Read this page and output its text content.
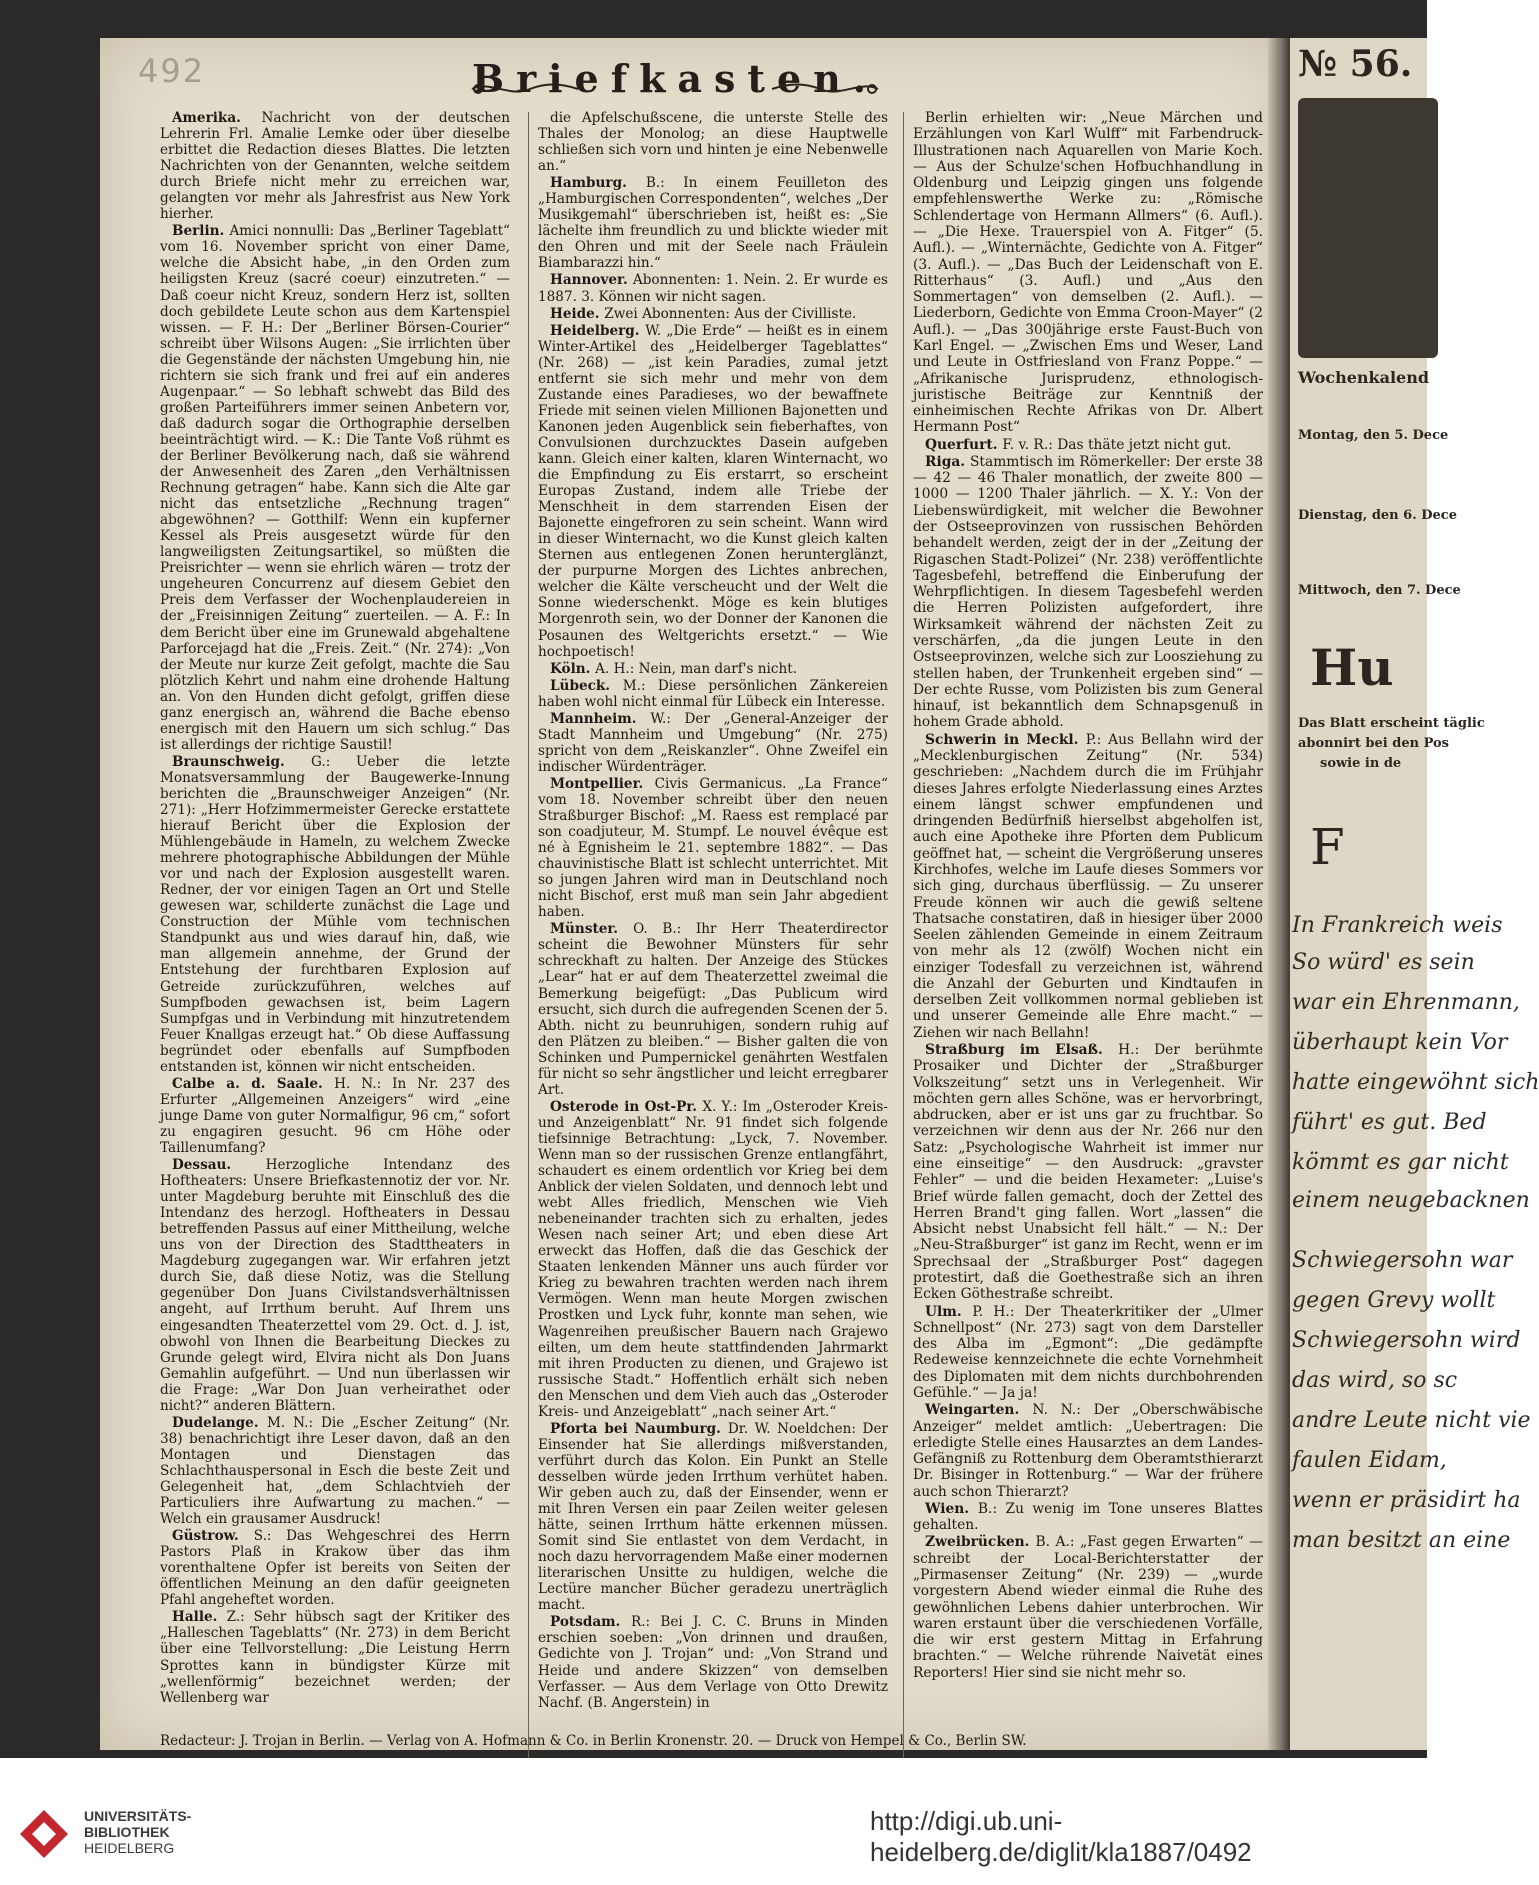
№ 56.
Wochenkalend
Montag, den 5. Dece
Dienstag, den 6. Dece
Mittwoch, den 7. Dece
Hu
Das Blatt erscheint täglic
abonnirt bei den Pos
sowie in de
F
In Frankreich weis
So würd' es sein
war ein Ehrenmann,
überhaupt kein Vor
hatte eingewöhnt sich
führt' es gut. Bed
kömmt es gar nicht
einem neugebacknen
Schwiegersohn war
gegen Grevy wollt
Schwiegersohn wird
das wird, so sc
andre Leute nicht vie
faulen Eidam,
wenn er präsidirt ha
man besitzt an eine
492	Briefkasten.

Amerika. Nachricht von der deutschen Lehrerin Frl. Amalie Lemke oder über dieselbe erbittet die Redaction dieses Blattes. Die letzten Nachrichten von der Genannten, welche seitdem durch Briefe nicht mehr zu erreichen war, gelangten vor mehr als Jahresfrist aus New York hierher.

Berlin. Amici nonnulli: Das „Berliner Tageblatt“ vom 16. November spricht von einer Dame, welche die Absicht habe, „in den Orden zum heiligsten Kreuz (sacré coeur) einzutreten.“ — Daß coeur nicht Kreuz, sondern Herz ist, sollten doch gebildete Leute schon aus dem Kartenspiel wissen. — F. H.: Der „Berliner Börsen-Courier“ schreibt über Wilsons Augen: „Sie irrlichten über die Gegenstände der nächsten Umgebung hin, nie richtern sie sich frank und frei auf ein anderes Augenpaar.“ — So lebhaft schwebt das Bild des großen Parteiführers immer seinen Anbetern vor, daß dadurch sogar die Orthographie derselben beeinträchtigt wird. — K.: Die Tante Voß rühmt es der Berliner Bevölkerung nach, daß sie während der Anwesenheit des Zaren „den Verhältnissen Rechnung getragen“ habe. Kann sich die Alte gar nicht das entsetzliche „Rechnung tragen“ abgewöhnen? — Gotthilf: Wenn ein kupferner Kessel als Preis ausgesetzt würde für den langweiligsten Zeitungsartikel, so müßten die Preisrichter — wenn sie ehrlich wären — trotz der ungeheuren Concurrenz auf diesem Gebiet den Preis dem Verfasser der Wochenplaudereien in der „Freisinnigen Zeitung“ zuerteilen. — A. F.: In dem Bericht über eine im Grunewald abgehaltene Parforcejagd hat die „Freis. Zeit.“ (Nr. 274): „Von der Meute nur kurze Zeit gefolgt, machte die Sau plötzlich Kehrt und nahm eine drohende Haltung an. Von den Hunden dicht gefolgt, griffen diese ganz energisch an, während die Bache ebenso energisch mit den Hauern um sich schlug.“ Das ist allerdings der richtige Saustil!

Braunschweig. G.: Ueber die letzte Monatsversammlung der Baugewerke-Innung berichten die „Braunschweiger Anzeigen“ (Nr. 271): „Herr Hofzimmermeister Gerecke erstattete hierauf Bericht über die Explosion der Mühlengebäude in Hameln, zu welchem Zwecke mehrere photographische Abbildungen der Mühle vor und nach der Explosion ausgestellt waren. Redner, der vor einigen Tagen an Ort und Stelle gewesen war, schilderte zunächst die Lage und Construction der Mühle vom technischen Standpunkt aus und wies darauf hin, daß, wie man allgemein annehme, der Grund der Entstehung der furchtbaren Explosion auf Getreide zurückzuführen, welches auf Sumpfboden gewachsen ist, beim Lagern Sumpfgas und in Verbindung mit hinzutretendem Feuer Knallgas erzeugt hat.“ Ob diese Auffassung begründet oder ebenfalls auf Sumpfboden entstanden ist, können wir nicht entscheiden.

Calbe a. d. Saale. H. N.: In Nr. 237 des Erfurter „Allgemeinen Anzeigers“ wird „eine junge Dame von guter Normalfigur, 96 cm,“ sofort zu engagiren gesucht. 96 cm Höhe oder Taillenumfang?

Dessau. Herzogliche Intendanz des Hoftheaters: Unsere Briefkastennotiz der vor. Nr. unter Magdeburg beruhte mit Einschluß des die Intendanz des herzogl. Hoftheaters in Dessau betreffenden Passus auf einer Mittheilung, welche uns von der Direction des Stadttheaters in Magdeburg zugegangen war. Wir erfahren jetzt durch Sie, daß diese Notiz, was die Stellung gegenüber Don Juans Civilstandsverhältnissen angeht, auf Irrthum beruht. Auf Ihrem uns eingesandten Theaterzettel vom 29. Oct. d. J. ist, obwohl von Ihnen die Bearbeitung Dieckes zu Grunde gelegt wird, Elvira nicht als Don Juans Gemahlin aufgeführt. — Und nun überlassen wir die Frage: „War Don Juan verheirathet oder nicht?“ anderen Blättern.

Dudelange. M. N.: Die „Escher Zeitung“ (Nr. 38) benachrichtigt ihre Leser davon, daß an den Montagen und Dienstagen das Schlachthauspersonal in Esch die beste Zeit und Gelegenheit hat, „dem Schlachtvieh der Particuliers ihre Aufwartung zu machen.“ — Welch ein grausamer Ausdruck!

Güstrow. S.: Das Wehgeschrei des Herrn Pastors Plaß in Krakow über das ihm vorenthaltene Opfer ist bereits von Seiten der öffentlichen Meinung an den dafür geeigneten Pfahl angeheftet worden.

Halle. Z.: Sehr hübsch sagt der Kritiker des „Halleschen Tageblatts“ (Nr. 273) in dem Bericht über eine Tellvorstellung: „Die Leistung Herrn Sprottes kann in bündigster Kürze mit „wellenförmig“ bezeichnet werden; der Wellenberg war

die Apfelschußscene, die unterste Stelle des Thales der Monolog; an diese Hauptwelle schließen sich vorn und hinten je eine Nebenwelle an.“

Hamburg. B.: In einem Feuilleton des „Hamburgischen Correspondenten“, welches „Der Musikgemahl“ überschrieben ist, heißt es: „Sie lächelte ihm freundlich zu und blickte wieder mit den Ohren und mit der Seele nach Fräulein Biambarazzi hin.“

Hannover. Abonnenten: 1. Nein. 2. Er wurde es 1887. 3. Können wir nicht sagen.

Heide. Zwei Abonnenten: Aus der Civilliste.

Heidelberg. W. „Die Erde“ — heißt es in einem Winter-Artikel des „Heidelberger Tageblattes“ (Nr. 268) — „ist kein Paradies, zumal jetzt entfernt sie sich mehr und mehr von dem Zustande eines Paradieses, wo der bewaffnete Friede mit seinen vielen Millionen Bajonetten und Kanonen jeden Augenblick sein fieberhaftes, von Convulsionen durchzucktes Dasein aufgeben kann. Gleich einer kalten, klaren Winternacht, wo die Empfindung zu Eis erstarrt, so erscheint Europas Zustand, indem alle Triebe der Menschheit in dem starrenden Eisen der Bajonette eingefroren zu sein scheint. Wann wird in dieser Winternacht, wo die Kunst gleich kalten Sternen aus entlegenen Zonen herunterglänzt, der purpurne Morgen des Lichtes anbrechen, welcher die Kälte verscheucht und der Welt die Sonne wiederschenkt. Möge es kein blutiges Morgenroth sein, wo der Donner der Kanonen die Posaunen des Weltgerichts ersetzt.“ — Wie hochpoetisch!

Köln. A. H.: Nein, man darf's nicht.

Lübeck. M.: Diese persönlichen Zänkereien haben wohl nicht einmal für Lübeck ein Interesse.

Mannheim. W.: Der „General-Anzeiger der Stadt Mannheim und Umgebung“ (Nr. 275) spricht von dem „Reiskanzler“. Ohne Zweifel ein indischer Würdenträger.

Montpellier. Civis Germanicus. „La France“ vom 18. November schreibt über den neuen Straßburger Bischof: „M. Raess est remplacé par son coadjuteur, M. Stumpf. Le nouvel évêque est né à Egnisheim le 21. septembre 1882“. — Das chauvinistische Blatt ist schlecht unterrichtet. Mit so jungen Jahren wird man in Deutschland noch nicht Bischof, erst muß man sein Jahr abgedient haben.

Münster. O. B.: Ihr Herr Theaterdirector scheint die Bewohner Münsters für sehr schreckhaft zu halten. Der Anzeige des Stückes „Lear“ hat er auf dem Theaterzettel zweimal die Bemerkung beigefügt: „Das Publicum wird ersucht, sich durch die aufregenden Scenen der 5. Abth. nicht zu beunruhigen, sondern ruhig auf den Plätzen zu bleiben.“ — Bisher galten die von Schinken und Pumpernickel genährten Westfalen für nicht so sehr ängstlicher und leicht erregbarer Art.

Osterode in Ost-Pr. X. Y.: Im „Osteroder Kreis- und Anzeigenblatt“ Nr. 91 findet sich folgende tiefsinnige Betrachtung: „Lyck, 7. November. Wenn man so der russischen Grenze entlangfährt, schaudert es einem ordentlich vor Krieg bei dem Anblick der vielen Soldaten, und dennoch lebt und webt Alles friedlich, Menschen wie Vieh nebeneinander trachten sich zu erhalten, jedes Wesen nach seiner Art; und eben diese Art erweckt das Hoffen, daß die das Geschick der Staaten lenkenden Männer uns auch fürder vor Krieg zu bewahren trachten werden nach ihrem Vermögen. Wenn man heute Morgen zwischen Prostken und Lyck fuhr, konnte man sehen, wie Wagenreihen preußischer Bauern nach Grajewo eilten, um dem heute stattfindenden Jahrmarkt mit ihren Producten zu dienen, und Grajewo ist russische Stadt.“ Hoffentlich erhält sich neben den Menschen und dem Vieh auch das „Osteroder Kreis- und Anzeigeblatt“ „nach seiner Art.“

Pforta bei Naumburg. Dr. W. Noeldchen: Der Einsender hat Sie allerdings mißverstanden, verführt durch das Kolon. Ein Punkt an Stelle desselben würde jeden Irrthum verhütet haben. Wir geben auch zu, daß der Einsender, wenn er mit Ihren Versen ein paar Zeilen weiter gelesen hätte, seinen Irrthum hätte erkennen müssen. Somit sind Sie entlastet von dem Verdacht, in noch dazu hervorragendem Maße einer modernen literarischen Unsitte zu huldigen, welche die Lectüre mancher Bücher geradezu unerträglich macht.

Potsdam. R.: Bei J. C. C. Bruns in Minden erschien soeben: „Von drinnen und draußen, Gedichte von J. Trojan“ und: „Von Strand und Heide und andere Skizzen“ von demselben Verfasser. — Aus dem Verlage von Otto Drewitz Nachf. (B. Angerstein) in

Berlin erhielten wir: „Neue Märchen und Erzählungen von Karl Wulff“ mit Farbendruck-Illustrationen nach Aquarellen von Marie Koch. — Aus der Schulze'schen Hofbuchhandlung in Oldenburg und Leipzig gingen uns folgende empfehlenswerthe Werke zu: „Römische Schlendertage von Hermann Allmers“ (6. Aufl.). — „Die Hexe. Trauerspiel von A. Fitger“ (5. Aufl.). — „Winternächte, Gedichte von A. Fitger“ (3. Aufl.). — „Das Buch der Leidenschaft von E. Ritterhaus“ (3. Aufl.) und „Aus den Sommertagen“ von demselben (2. Aufl.). — Liederborn, Gedichte von Emma Croon-Mayer“ (2 Aufl.). — „Das 300jährige erste Faust-Buch von Karl Engel. — „Zwischen Ems und Weser, Land und Leute in Ostfriesland von Franz Poppe.“ — „Afrikanische Jurisprudenz, ethnologisch-juristische Beiträge zur Kenntniß der einheimischen Rechte Afrikas von Dr. Albert Hermann Post“

Querfurt. F. v. R.: Das thäte jetzt nicht gut.

Riga. Stammtisch im Römerkeller: Der erste 38 — 42 — 46 Thaler monatlich, der zweite 800 — 1000 — 1200 Thaler jährlich. — X. Y.: Von der Liebenswürdigkeit, mit welcher die Bewohner der Ostseeprovinzen von russischen Behörden behandelt werden, zeigt der in der „Zeitung der Rigaschen Stadt-Polizei“ (Nr. 238) veröffentlichte Tagesbefehl, betreffend die Einberufung der Wehrpflichtigen. In diesem Tagesbefehl werden die Herren Polizisten aufgefordert, ihre Wirksamkeit während der nächsten Zeit zu verschärfen, „da die jungen Leute in den Ostseeprovinzen, welche sich zur Loosziehung zu stellen haben, der Trunkenheit ergeben sind“ — Der echte Russe, vom Polizisten bis zum General hinauf, ist bekanntlich dem Schnapsgenuß in hohem Grade abhold.

Schwerin in Meckl. P.: Aus Bellahn wird der „Mecklenburgischen Zeitung“ (Nr. 534) geschrieben: „Nachdem durch die im Frühjahr dieses Jahres erfolgte Niederlassung eines Arztes einem längst schwer empfundenen und dringenden Bedürfniß hierselbst abgeholfen ist, auch eine Apotheke ihre Pforten dem Publicum geöffnet hat, — scheint die Vergrößerung unseres Kirchhofes, welche im Laufe dieses Sommers vor sich ging, durchaus überflüssig. — Zu unserer Freude können wir auch die gewiß seltene Thatsache constatiren, daß in hiesiger über 2000 Seelen zählenden Gemeinde in einem Zeitraum von mehr als 12 (zwölf) Wochen nicht ein einziger Todesfall zu verzeichnen ist, während die Anzahl der Geburten und Kindtaufen in derselben Zeit vollkommen normal geblieben ist und unserer Gemeinde alle Ehre macht.“ — Ziehen wir nach Bellahn!

Straßburg im Elsaß. H.: Der berühmte Prosaiker und Dichter der „Straßburger Volkszeitung“ setzt uns in Verlegenheit. Wir möchten gern alles Schöne, was er hervorbringt, abdrucken, aber er ist uns gar zu fruchtbar. So verzeichnen wir denn aus der Nr. 266 nur den Satz: „Psychologische Wahrheit ist immer nur eine einseitige“ — den Ausdruck: „gravster Fehler“ — und die beiden Hexameter: „Luise's Brief würde fallen gemacht, doch der Zettel des Herren Brand't ging fallen. Wort „lassen“ die Absicht nebst Unabsicht fell hält.“ — N.: Der „Neu-Straßburger“ ist ganz im Recht, wenn er im Sprechsaal der „Straßburger Post“ dagegen protestirt, daß die Goethestraße sich an ihren Ecken Göthestraße schreibt.

Ulm. P. H.: Der Theaterkritiker der „Ulmer Schnellpost“ (Nr. 273) sagt von dem Darsteller des Alba im „Egmont“: „Die gedämpfte Redeweise kennzeichnete die echte Vornehmheit des Diplomaten mit dem nichts durchbohrenden Gefühle.“ — Ja ja!

Weingarten. N. N.: Der „Oberschwäbische Anzeiger“ meldet amtlich: „Uebertragen: Die erledigte Stelle eines Hausarztes an dem Landes-Gefängniß zu Rottenburg dem Oberamtsthierarzt Dr. Bisinger in Rottenburg.“ — War der frühere auch schon Thierarzt?

Wien. B.: Zu wenig im Tone unseres Blattes gehalten.

Zweibrücken. B. A.: „Fast gegen Erwarten“ — schreibt der Local-Berichterstatter der „Pirmasenser Zeitung“ (Nr. 239) — „wurde vorgestern Abend wieder einmal die Ruhe des gewöhnlichen Lebens dahier unterbrochen. Wir waren erstaunt über die verschiedenen Vorfälle, die wir erst gestern Mittag in Erfahrung brachten.“ — Welche rührende Naivetät eines Reporters! Hier sind sie nicht mehr so.

Redacteur: J. Trojan in Berlin. — Verlag von A. Hofmann & Co. in Berlin Kronenstr. 20. — Druck von Hempel & Co., Berlin SW.
UNIVERSITÄTS-
BIBLIOTHEK
HEIDELBERG
http://digi.ub.uni-heidelberg.de/diglit/kla1887/0492
